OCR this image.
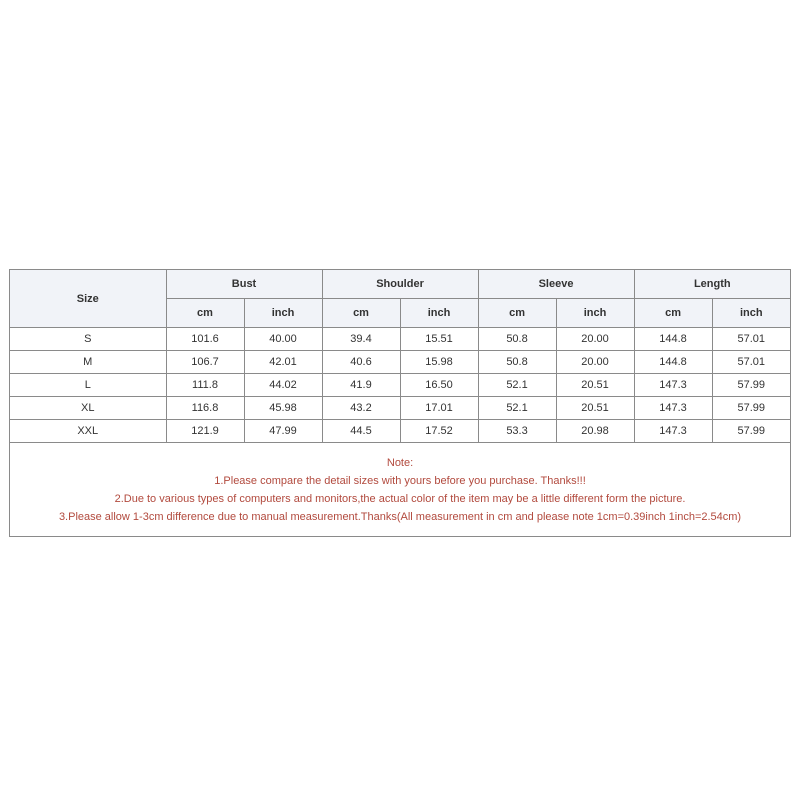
Size	Bust		Shoulder		Sleeve		Length	
	cm	inch	cm	inch	cm	inch	cm	inch
S	101.6	40.00	39.4	15.51	50.8	20.00	144.8	57.01
M	106.7	42.01	40.6	15.98	50.8	20.00	144.8	57.01
L	111.8	44.02	41.9	16.50	52.1	20.51	147.3	57.99
XL	116.8	45.98	43.2	17.01	52.1	20.51	147.3	57.99
XXL	121.9	47.99	44.5	17.52	53.3	20.98	147.3	57.99

Note:
1.Please compare the detail sizes with yours before you purchase. Thanks!!!
2.Due to various types of computers and monitors,the actual color of the item may be a little different form the picture.
3.Please allow 1-3cm difference due to manual measurement.Thanks(All measurement in cm and please note 1cm=0.39inch 1inch=2.54cm)								
